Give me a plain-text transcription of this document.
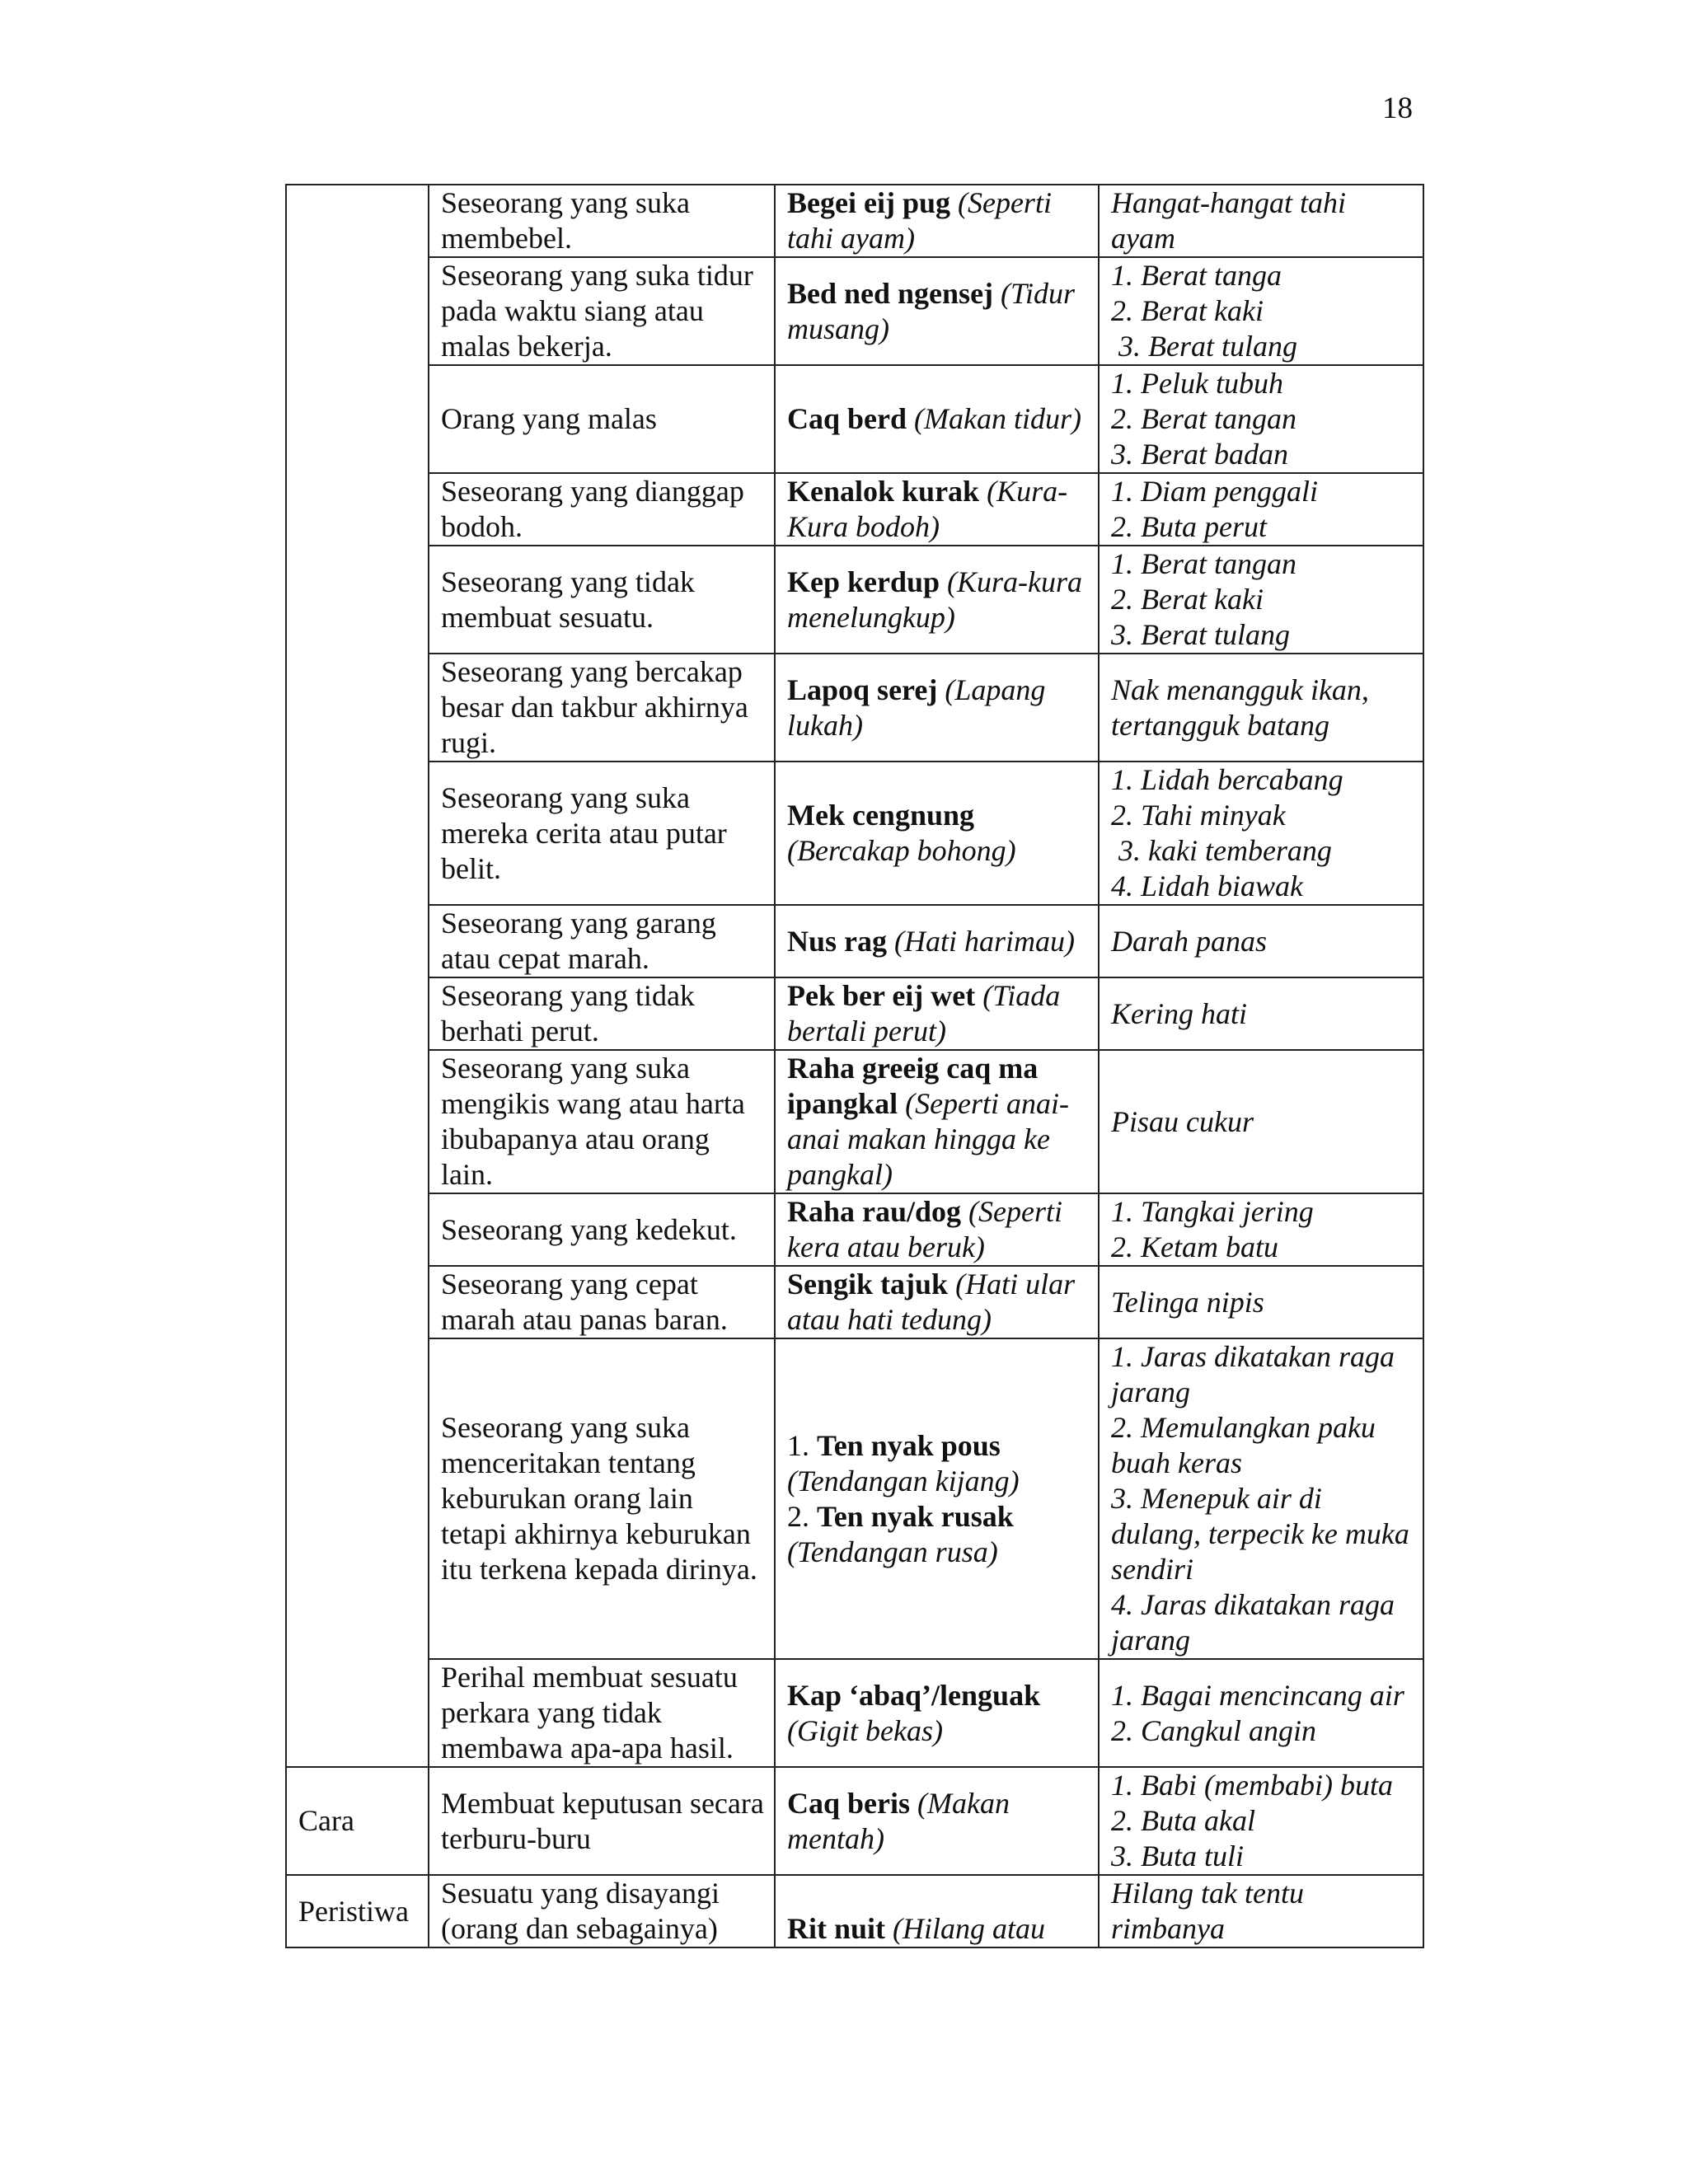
18
	Seseorang yang suka membebel.	Begei eij pug (Seperti tahi ayam)	Hangat-hangat tahi ayam

	Seseorang yang suka tidur pada waktu siang atau malas bekerja.	Bed ned ngensej (Tidur musang)	1. Berat tanga
2. Berat kaki
3. Berat tulang

	Orang yang malas	Caq berd (Makan tidur)	1. Peluk tubuh
2. Berat tangan
3. Berat badan

	Seseorang yang dianggap bodoh.	Kenalok kurak (Kura-Kura bodoh)	1. Diam penggali
2. Buta perut

	Seseorang yang tidak membuat sesuatu.	Kep kerdup (Kura-kura menelungkup)	1. Berat tangan
2. Berat kaki
3. Berat tulang

	Seseorang yang bercakap besar dan takbur akhirnya rugi.	Lapoq serej (Lapang lukah)	Nak menangguk ikan, tertangguk batang

	Seseorang yang suka mereka cerita atau putar belit.	Mek cengnung (Bercakap bohong)	1. Lidah bercabang
2. Tahi minyak
3. kaki temberang
4. Lidah biawak

	Seseorang yang garang atau cepat marah.	Nus rag (Hati harimau)	Darah panas

	Seseorang yang tidak berhati perut.	Pek ber eij wet (Tiada bertali perut)	Kering hati

	Seseorang yang suka mengikis wang atau harta ibubapanya atau orang lain.	Raha greeig caq ma ipangkal (Seperti anai-anai makan hingga ke pangkal)	Pisau cukur

	Seseorang yang kedekut.	Raha rau/dog (Seperti kera atau beruk)	1. Tangkai jering
2. Ketam batu

	Seseorang yang cepat marah atau panas baran.	Sengik tajuk (Hati ular atau hati tedung)	Telinga nipis

	Seseorang yang suka menceritakan tentang keburukan orang lain tetapi akhirnya keburukan itu terkena kepada dirinya.	1. Ten nyak pous (Tendangan kijang)
2. Ten nyak rusak (Tendangan rusa)	1. Jaras dikatakan raga jarang
2. Memulangkan paku buah keras
3. Menepuk air di dulang, terpecik ke muka sendiri
4. Jaras dikatakan raga jarang

	Perihal membuat sesuatu perkara yang tidak membawa apa-apa hasil.	Kap ‘abaq’/lenguak (Gigit bekas)	1. Bagai mencincang air
2. Cangkul angin

Cara	Membuat keputusan secara terburu-buru	Caq beris (Makan mentah)	1. Babi (membabi) buta
2. Buta akal
3. Buta tuli

Peristiwa	Sesuatu yang disayangi (orang dan sebagainya)	Rit nuit (Hilang atau	Hilang tak tentu rimbanya
